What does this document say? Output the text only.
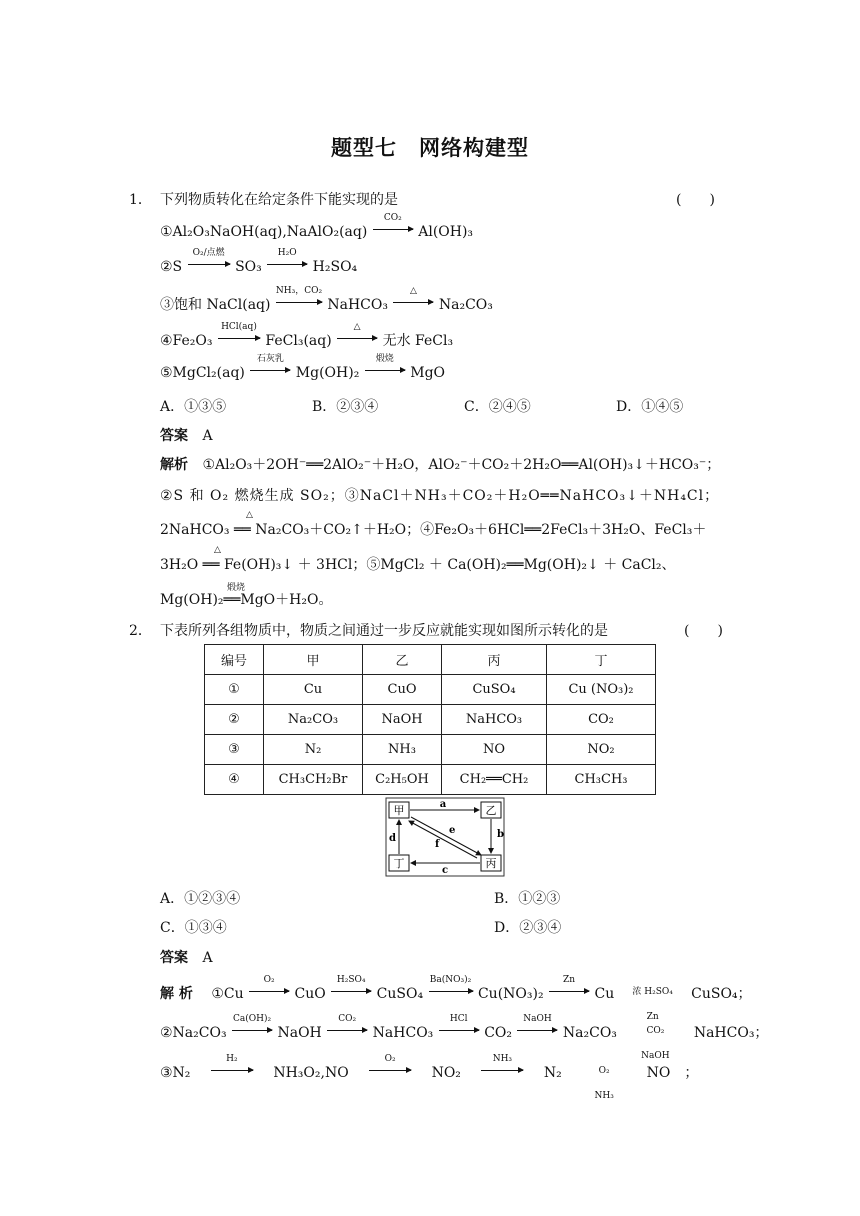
题型七　网络构建型
1． 下列物质转化在给定条件下能实现的是	(　　)
①Al₂O₃NaOH(aq),NaAlO₂(aq)
CO₂
Al(OH)₃
②S
O₂/点燃
SO₃
H₂O
H₂SO₄
③饱和 NaCl(aq)
NH₃，CO₂
NaHCO₃
△
Na₂CO₃
④Fe₂O₃
HCl(aq)
FeCl₃(aq)
△
无水 FeCl₃
⑤MgCl₂(aq)
石灰乳
Mg(OH)₂
煅烧
MgO
A．①③⑤	B．②③④	C．②④⑤	D．①④⑤
答案 A
解析 ①Al₂O₃＋2OH⁻══2AlO₂⁻＋H₂O，AlO₂⁻＋CO₂＋2H₂O══Al(OH)₃↓＋HCO₃⁻；
②S 和 O₂ 燃烧生成 SO₂；③NaCl＋NH₃＋CO₂＋H₂O══NaHCO₃↓＋NH₄Cl；
2NaHCO₃ ══ Na₂CO₃＋CO₂↑＋H₂O；④Fe₂O₃＋6HCl══2FeCl₃＋3H₂O、FeCl₃＋
△
3H₂O ══ Fe(OH)₃↓ ＋ 3HCl；⑤MgCl₂ ＋ Ca(OH)₂══Mg(OH)₂↓ ＋ CaCl₂、
△
Mg(OH)₂══MgO＋H₂O。
煅烧
2． 下表所列各组物质中，物质之间通过一步反应就能实现如图所示转化的是	(　　)
编号	甲	乙	丙	丁
①	Cu	CuO	CuSO₄	Cu (NO₃)₂
②	Na₂CO₃	NaOH	NaHCO₃	CO₂
③	N₂	NH₃	NO	NO₂
④	CH₃CH₂Br	C₂H₅OH	CH₂══CH₂	CH₃CH₃
甲	乙
丙
丁
a
b
c
d
e
f
A．①②③④	B．①②③
C．①③④	D．②③④
答案 A
解 析 ①Cu
O₂
CuO
H₂SO₄
CuSO₄
Ba(NO₃)₂
Cu(NO₃)₂
Zn
Cu	浓 H₂SO₄
Zn
CuSO₄；
②Na₂CO₃
Ca(OH)₂
NaOH
CO₂
NaHCO₃
HCl
CO₂
NaOH
Na₂CO₃	CO₂
NaOH
NaHCO₃；
③N₂
H₂
NH₃O₂,NO
O₂
NO₂
NH₃
N₂	O₂
NH₃
NO　；
